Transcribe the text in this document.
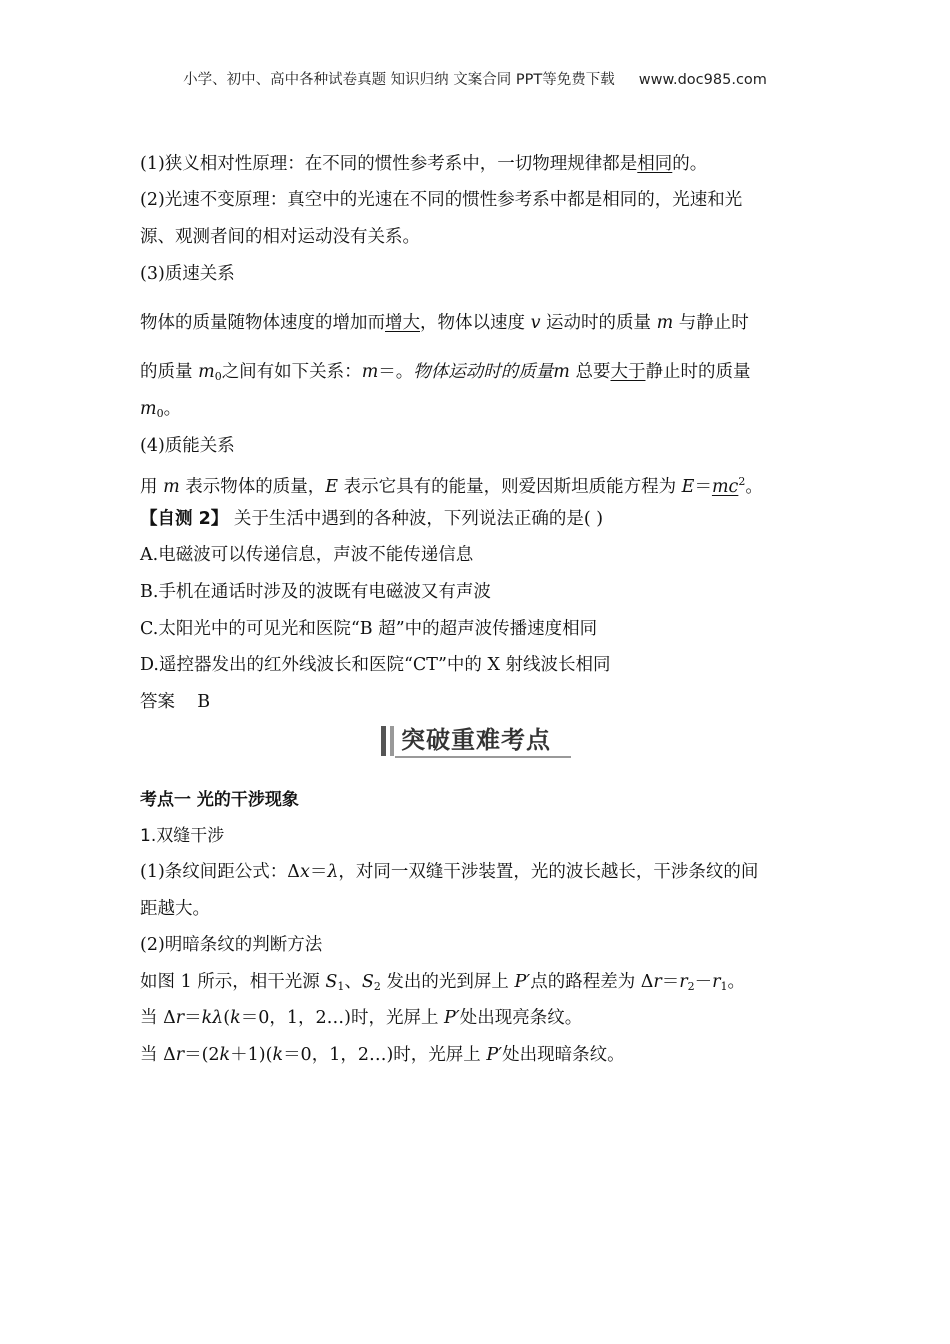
小学、初中、高中各种试卷真题 知识归纳 文案合同 PPT等免费下载 www.doc985.com
(1)狭义相对性原理：在不同的惯性参考系中，一切物理规律都是相同的。
(2)光速不变原理：真空中的光速在不同的惯性参考系中都是相同的，光速和光
源、观测者间的相对运动没有关系。
(3)质速关系
物体的质量随物体速度的增加而增大，物体以速度 v 运动时的质量 m 与静止时
的质量 $m_0$之间有如下关系：m＝。物体运动时的质量m 总要大于静止时的质量
$m_0$。
(4)质能关系
用 m 表示物体的质量，E 表示它具有的能量，则爱因斯坦质能方程为 $E=mc^2$。
【自测 2】 关于生活中遇到的各种波，下列说法正确的是( )
A.电磁波可以传递信息，声波不能传递信息
B.手机在通话时涉及的波既有电磁波又有声波
C.太阳光中的可见光和医院“B 超”中的超声波传播速度相同
D.遥控器发出的红外线波长和医院“CT”中的 X 射线波长相同
答案 B
突破重难考点
考点一 光的干涉现象
1.双缝干涉
(1)条纹间距公式：Δx＝λ，对同一双缝干涉装置，光的波长越长，干涉条纹的间
距越大。
(2)明暗条纹的判断方法
如图 1 所示，相干光源 $S_1$、$S_2$ 发出的光到屏上 P′点的路程差为 $\Delta r=r_2-r_1$。
当 Δr＝kλ(k＝0，1，2…)时，光屏上 P′处出现亮条纹。
当 Δr＝(2k＋1)(k＝0，1，2…)时，光屏上 P′处出现暗条纹。
